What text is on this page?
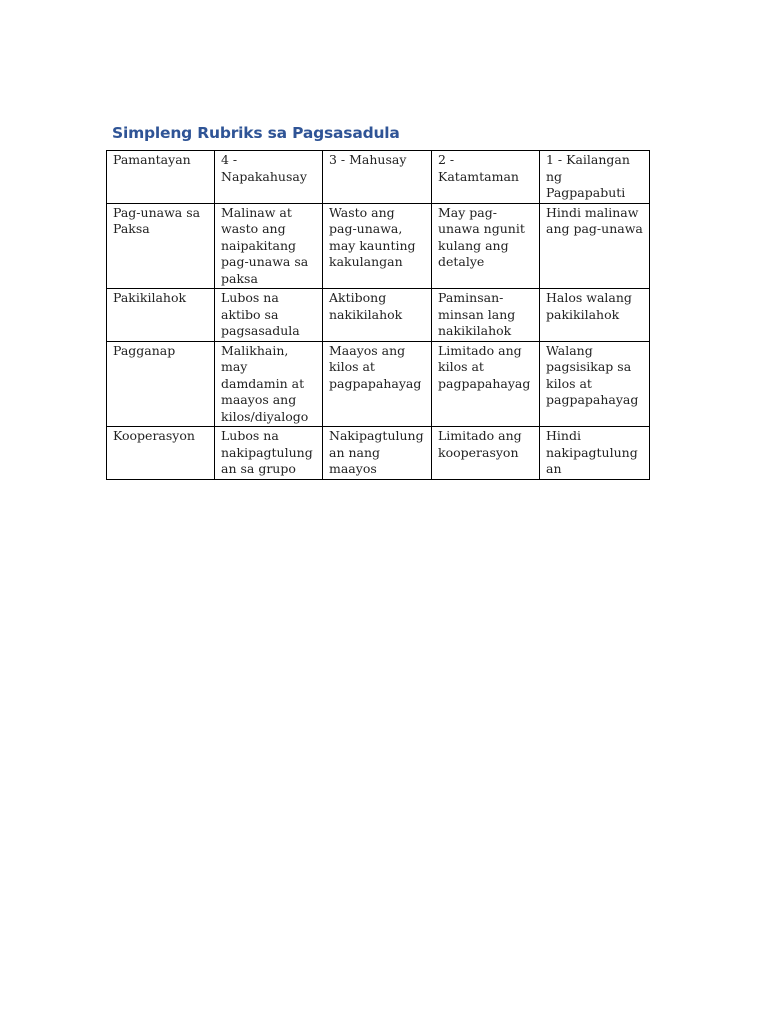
Simpleng Rubriks sa Pagsasadula
Pamantayan	4 - Napakahusay	3 - Mahusay	2 - Katamtaman	1 - Kailangan ng Pagpapabuti
Pag-unawa sa Paksa	Malinaw at wasto ang naipakitang pag-unawa sa paksa	Wasto ang pag-unawa, may kaunting kakulangan	May pag-unawa ngunit kulang ang detalye	Hindi malinaw ang pag-unawa
Pakikilahok	Lubos na aktibo sa pagsasadula	Aktibong nakikilahok	Paminsan-minsan lang nakikilahok	Halos walang pakikilahok
Pagganap	Malikhain, may damdamin at maayos ang kilos/diyalogo	Maayos ang kilos at pagpapahayag	Limitado ang kilos at pagpapahayag	Walang pagsisikap sa kilos at pagpapahayag
Kooperasyon	Lubos na nakipagtulungan sa grupo	Nakipagtulungan nang maayos	Limitado ang kooperasyon	Hindi nakipagtulungan
